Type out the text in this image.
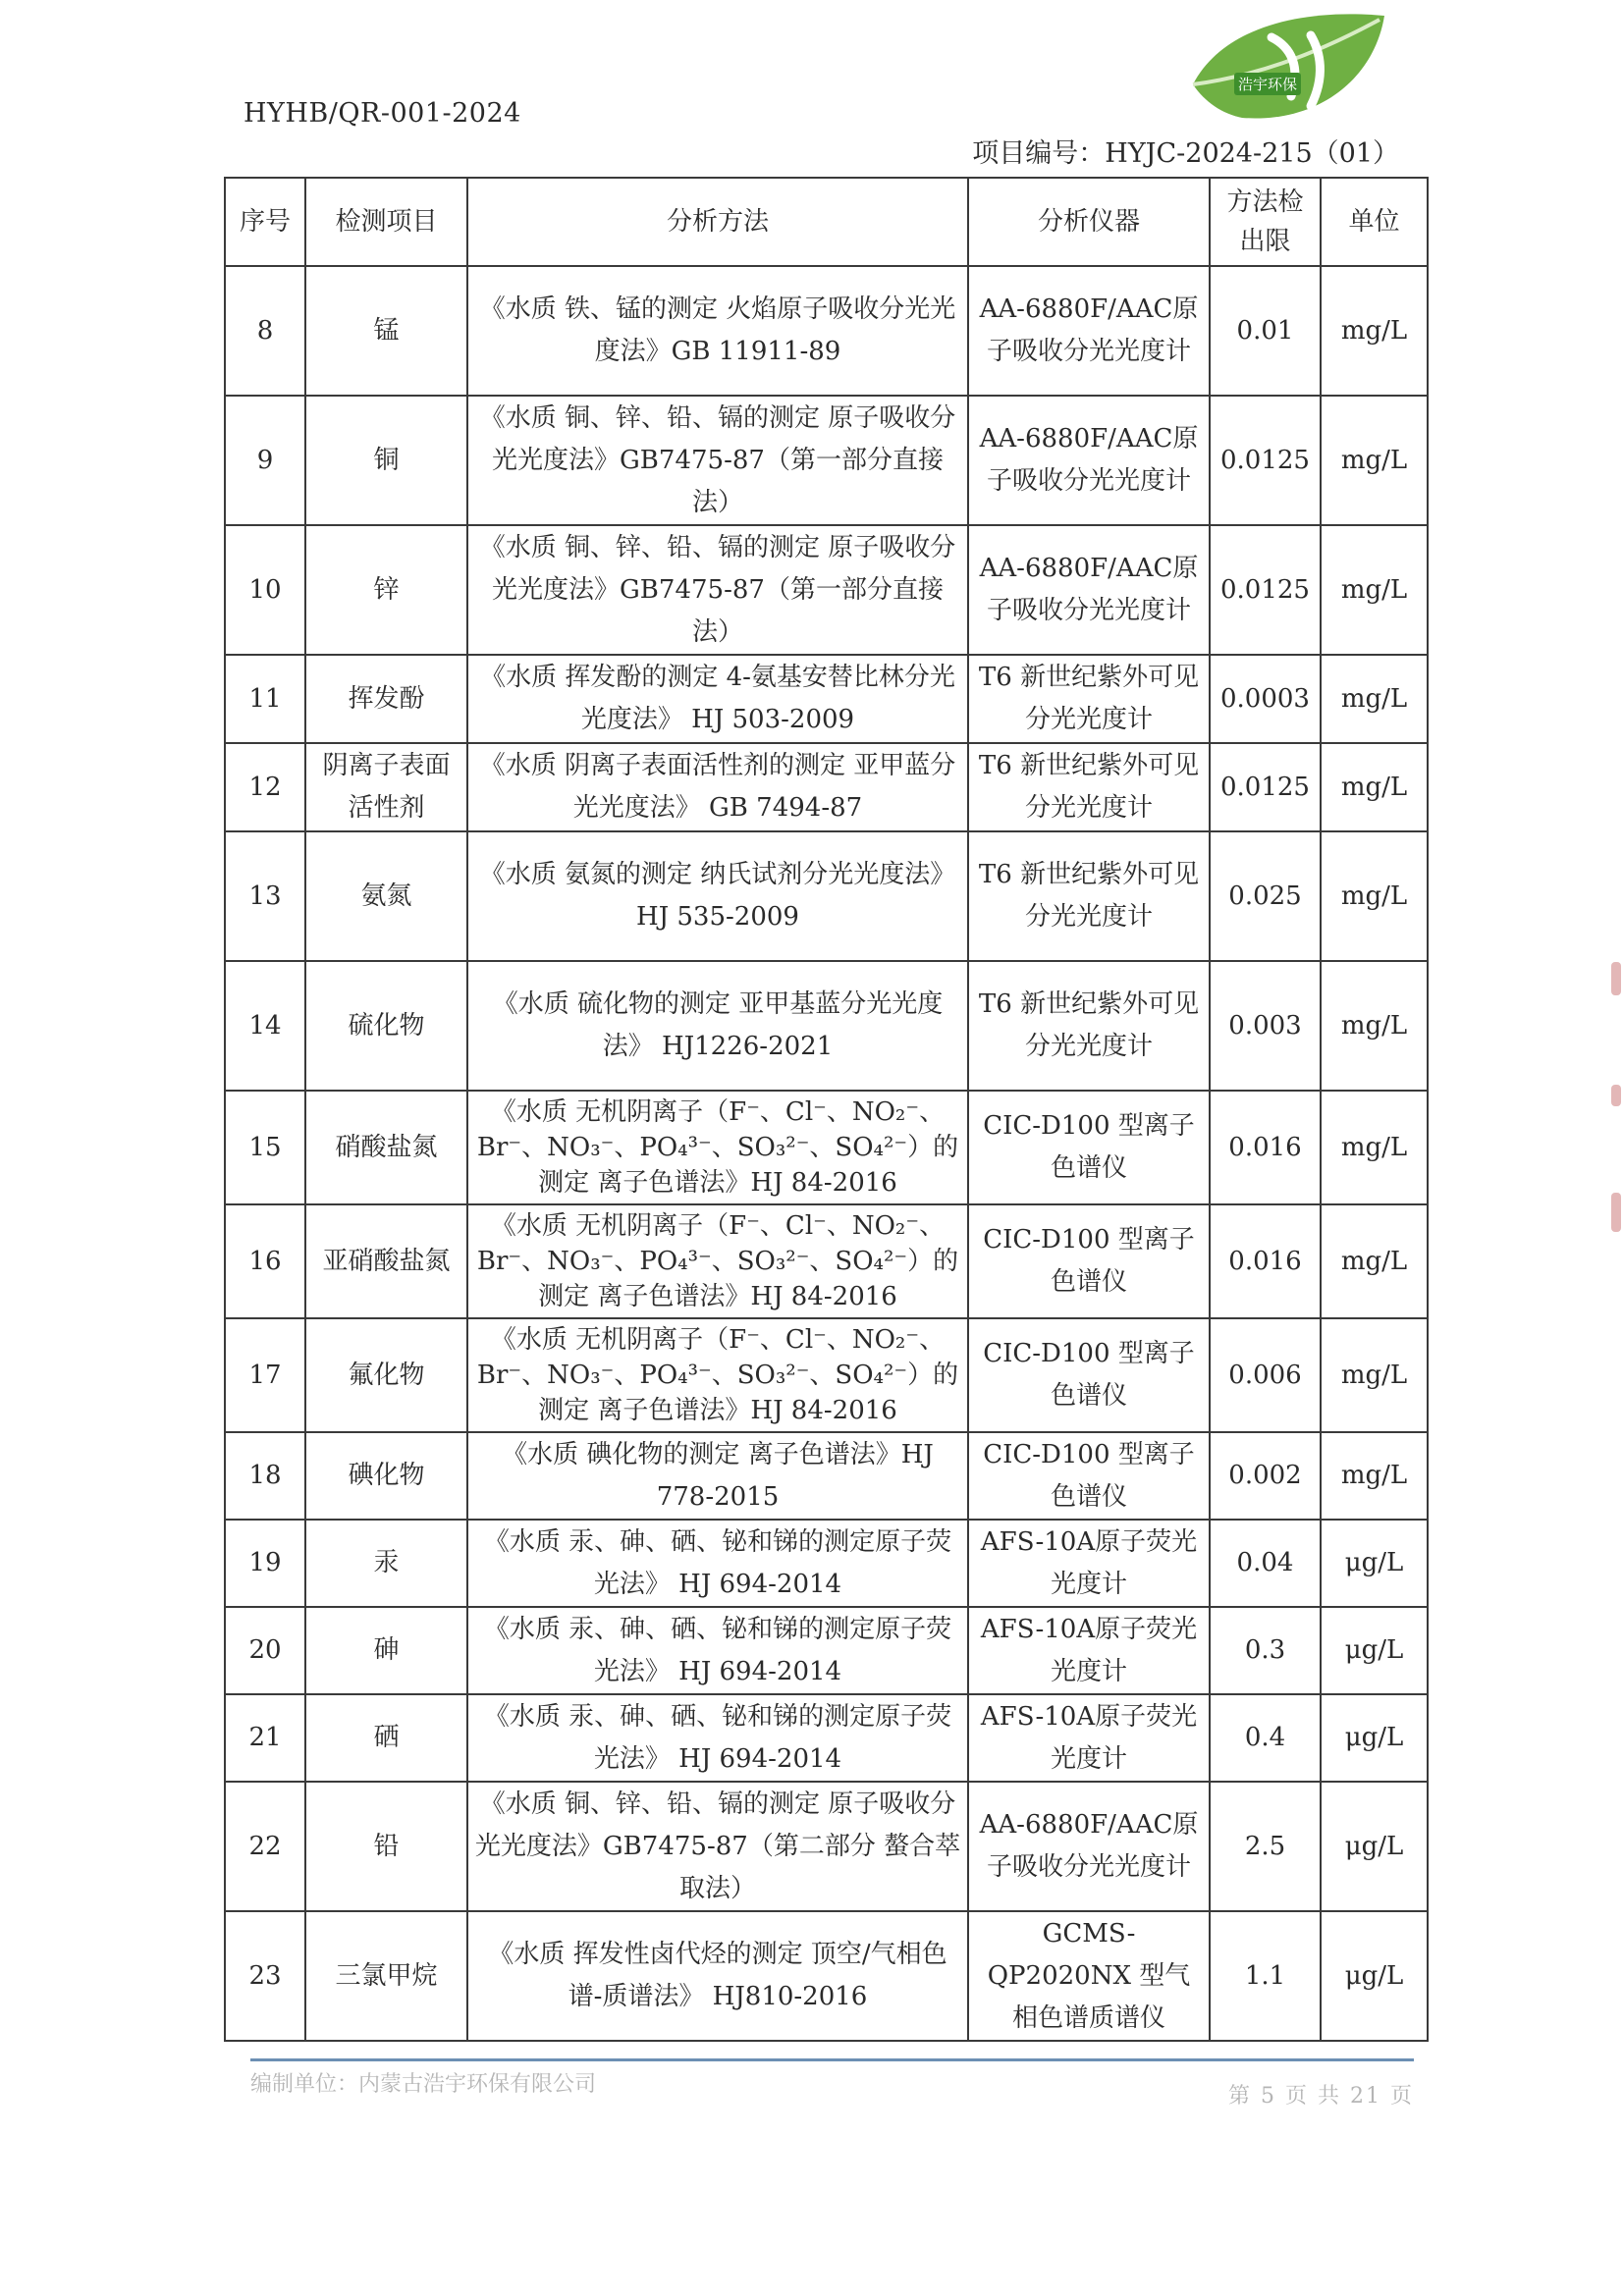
HYHB/QR-001-2024
浩宇环保
项目编号：HYJC-2024-215（01）
序号	检测项目	分析方法	分析仪器	方法检出限	单位
8	锰	《水质 铁、锰的测定 火焰原子吸收分光光度法》GB 11911-89	AA-6880F/AAC原子吸收分光光度计	0.01	mg/L
9	铜	《水质 铜、锌、铅、镉的测定 原子吸收分光光度法》GB7475-87（第一部分直接法）	AA-6880F/AAC原子吸收分光光度计	0.0125	mg/L
10	锌	《水质 铜、锌、铅、镉的测定 原子吸收分光光度法》GB7475-87（第一部分直接法）	AA-6880F/AAC原子吸收分光光度计	0.0125	mg/L
11	挥发酚	《水质 挥发酚的测定 4-氨基安替比林分光光度法》 HJ 503-2009	T6 新世纪紫外可见分光光度计	0.0003	mg/L
12	阴离子表面活性剂	《水质 阴离子表面活性剂的测定 亚甲蓝分光光度法》 GB 7494-87	T6 新世纪紫外可见分光光度计	0.0125	mg/L
13	氨氮	《水质 氨氮的测定 纳氏试剂分光光度法》HJ 535-2009	T6 新世纪紫外可见分光光度计	0.025	mg/L
14	硫化物	《水质 硫化物的测定 亚甲基蓝分光光度法》 HJ1226-2021	T6 新世纪紫外可见分光光度计	0.003	mg/L
15	硝酸盐氮	《水质 无机阴离子（F⁻、Cl⁻、NO₂⁻、Br⁻、NO₃⁻、PO₄³⁻、SO₃²⁻、SO₄²⁻）的测定 离子色谱法》HJ 84-2016	CIC-D100 型离子色谱仪	0.016	mg/L
16	亚硝酸盐氮	《水质 无机阴离子（F⁻、Cl⁻、NO₂⁻、Br⁻、NO₃⁻、PO₄³⁻、SO₃²⁻、SO₄²⁻）的测定 离子色谱法》HJ 84-2016	CIC-D100 型离子色谱仪	0.016	mg/L
17	氟化物	《水质 无机阴离子（F⁻、Cl⁻、NO₂⁻、Br⁻、NO₃⁻、PO₄³⁻、SO₃²⁻、SO₄²⁻）的测定 离子色谱法》HJ 84-2016	CIC-D100 型离子色谱仪	0.006	mg/L
18	碘化物	《水质 碘化物的测定 离子色谱法》HJ 778-2015	CIC-D100 型离子色谱仪	0.002	mg/L
19	汞	《水质 汞、砷、硒、铋和锑的测定原子荧光法》 HJ 694-2014	AFS-10A原子荧光光度计	0.04	μg/L
20	砷	《水质 汞、砷、硒、铋和锑的测定原子荧光法》 HJ 694-2014	AFS-10A原子荧光光度计	0.3	μg/L
21	硒	《水质 汞、砷、硒、铋和锑的测定原子荧光法》 HJ 694-2014	AFS-10A原子荧光光度计	0.4	μg/L
22	铅	《水质 铜、锌、铅、镉的测定 原子吸收分光光度法》GB7475-87（第二部分 螯合萃取法）	AA-6880F/AAC原子吸收分光光度计	2.5	μg/L
23	三氯甲烷	《水质 挥发性卤代烃的测定 顶空/气相色谱-质谱法》 HJ810-2016	GCMS-QP2020NX 型气相色谱质谱仪	1.1	μg/L
编制单位：内蒙古浩宇环保有限公司	第 5 页 共 21 页
